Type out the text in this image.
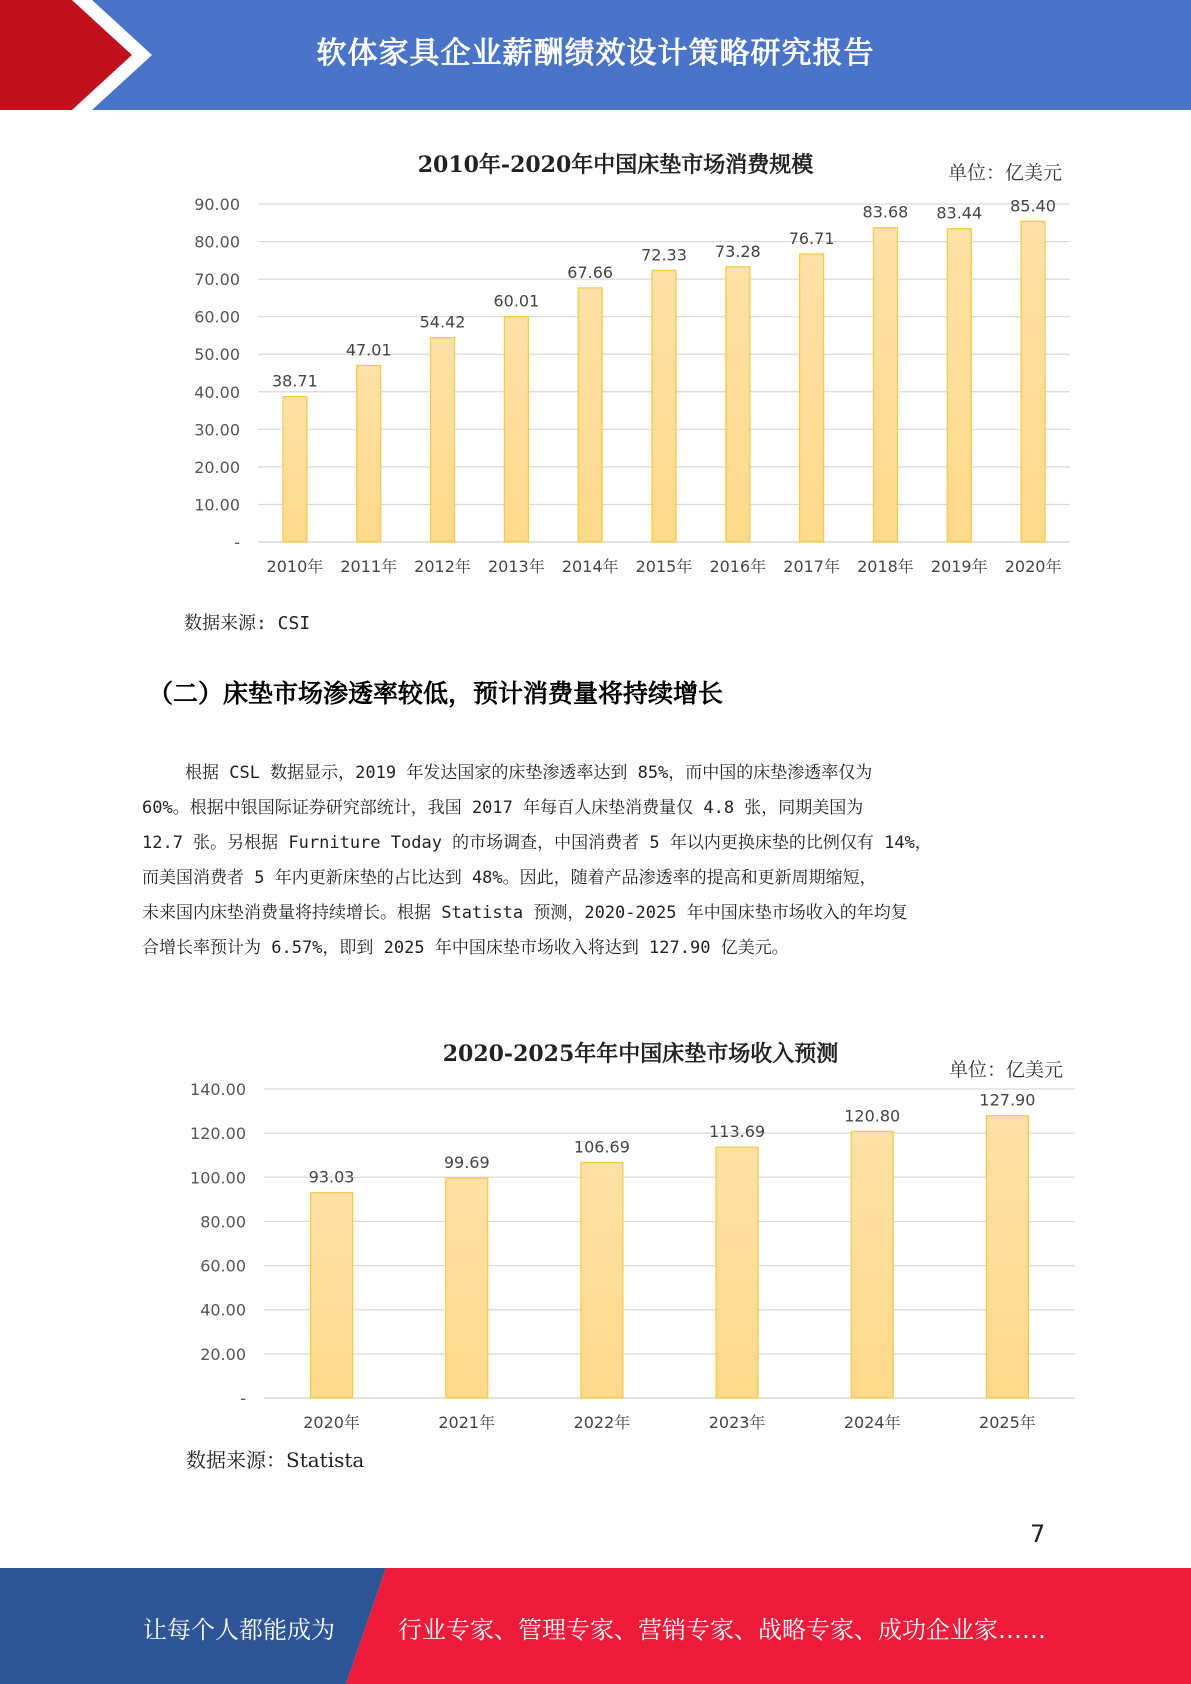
软体家具企业薪酬绩效设计策略研究报告
2010年-2020年中国床垫市场消费规模	单位：亿美元
-
10.00
20.00
30.00
40.00
50.00
60.00
70.00
80.00
90.00
38.71
2010年
47.01
2011年
54.42
2012年
60.01
2013年
67.66
2014年
72.33
2015年
73.28
2016年
76.71
2017年
83.68
2018年
83.44
2019年
85.40
2020年
数据来源: CSI
（二）床垫市场渗透率较低，预计消费量将持续增长

根据 CSL 数据显示，2019 年发达国家的床垫渗透率达到 85%，而中国的床垫渗透率仅为

60%。根据中银国际证券研究部统计，我国 2017 年每百人床垫消费量仅 4.8 张，同期美国为

12.7 张。另根据 Furniture Today 的市场调查，中国消费者 5 年以内更换床垫的比例仅有 14%，

而美国消费者 5 年内更新床垫的占比达到 48%。因此，随着产品渗透率的提高和更新周期缩短，

未来国内床垫消费量将持续增长。根据 Statista 预测，2020-2025 年中国床垫市场收入的年均复

合增长率预计为 6.57%，即到 2025 年中国床垫市场收入将达到 127.90 亿美元。

2020-2025年年中国床垫市场收入预测
单位：亿美元
-
20.00
40.00
60.00
80.00
100.00
120.00
140.00
93.03
2020年
99.69
2021年
106.69
2022年
113.69
2023年
120.80
2024年
127.90
2025年
数据来源：Statista
7
让每个人都能成为	行业专家、管理专家、营销专家、战略专家、成功企业家……
